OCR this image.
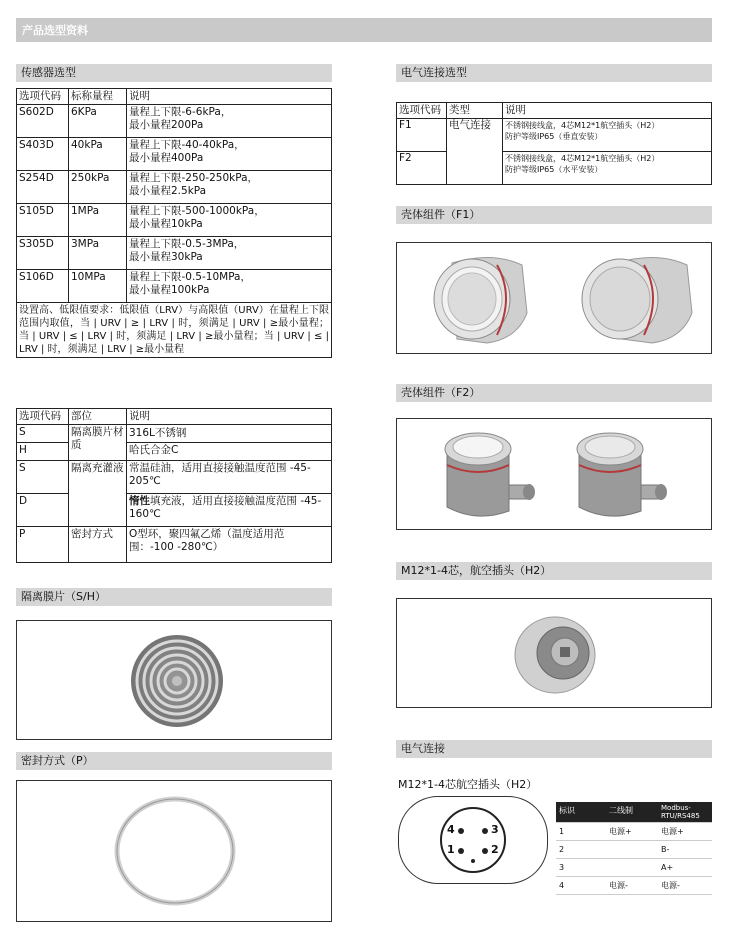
产品选型资料
传感器选型
选项代码	标称量程	说明
S602D	6KPa	量程上下限-6-6kPa，
最小量程200Pa

S403D	40kPa	量程上下限-40-40kPa，
最小量程400Pa

S254D	250kPa	量程上下限-250-250kPa，
最小量程2.5kPa

S105D	1MPa	量程上下限-500-1000kPa，
最小量程10kPa

S305D	3MPa	量程上下限-0.5-3MPa，
最小量程30kPa

S106D	10MPa	量程上下限-0.5-10MPa，
最小量程100kPa

设置高、低限值要求：低限值（LRV）与高限值（URV）在量程上下限范围内取值，当 | URV | ≥ | LRV | 时，须满足 | URV | ≥最小量程；当 | URV | ≤ | LRV | 时，须满足 | LRV | ≥最小量程；当 | URV | ≤ | LRV | 时，须满足 | LRV | ≥最小量程		
选项代码	部位	说明
S	隔离膜片材质	316L不锈钢
H		哈氏合金C
S	隔离充灌液	常温硅油，适用直接接触温度范围 -45-205℃
D		惰性填充液，适用直接接触温度范围 -45-160℃
P	密封方式	O型环，聚四氟乙烯（温度适用范围：-100 -280℃）
隔离膜片（S/H）
密封方式（P）
电气连接选型
选项代码	类型	说明
F1	电气连接	不锈钢接线盒，4芯M12*1航空插头（H2）
防护等级IP65（垂直安装）

F2		不锈钢接线盒，4芯M12*1航空插头（H2）
防护等级IP65（水平安装）
壳体组件（F1）
壳体组件（F2）
M12*1-4芯，航空插头（H2）
电气连接
M12*1-4芯航空插头（H2）
4	3
1	2
标识	二线制	Modbus-RTU/RS485
1	电源+	电源+
2		B-
3		A+
4	电源-	电源-
